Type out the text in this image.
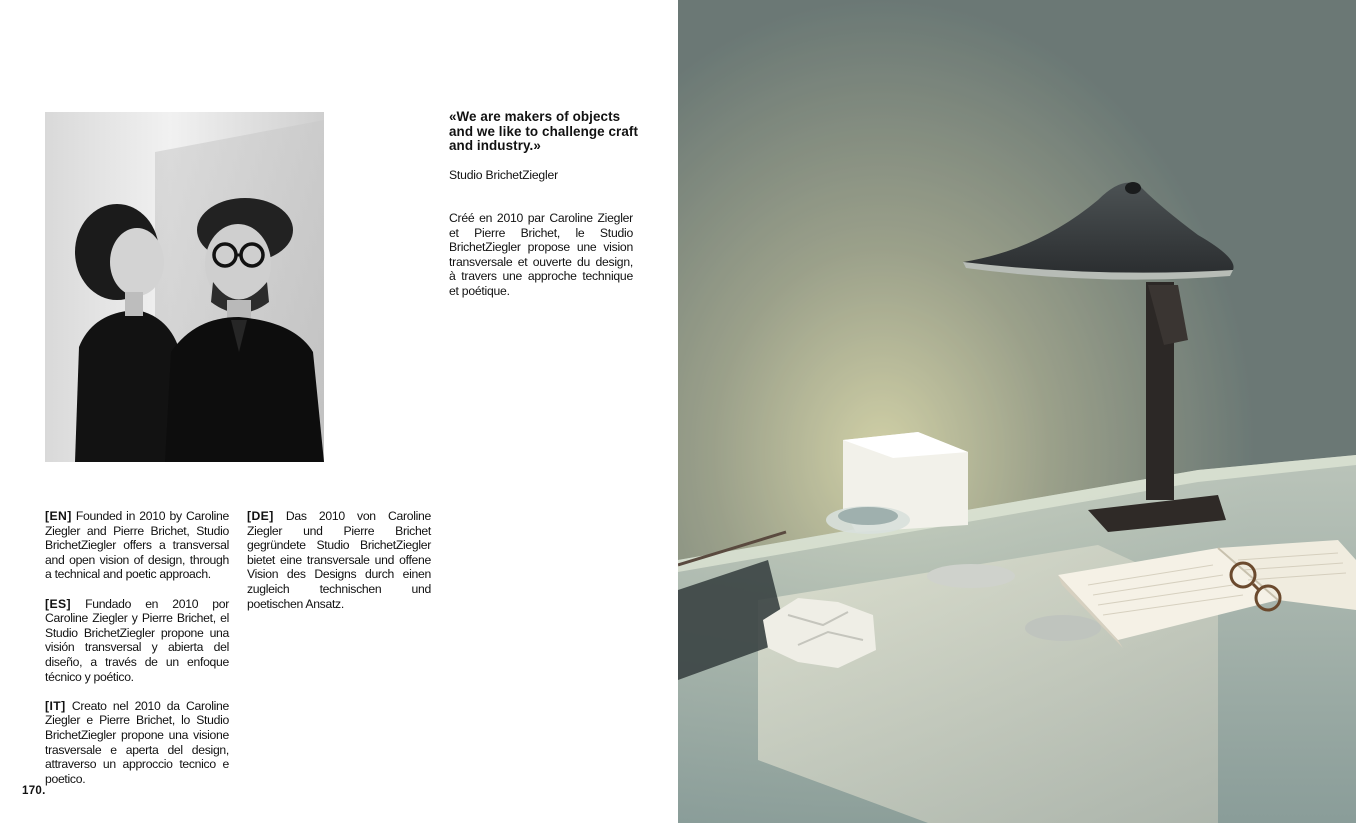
«We are makers of objects and we like to challenge craft and industry.»
Studio BrichetZiegler
Créé en 2010 par Caroline Ziegler et Pierre Brichet, le Studio BrichetZiegler propose une vision transversale et ouverte du design, à travers une approche technique et poétique.

[EN] Founded in 2010 by Caroline Ziegler and Pierre Brichet, Studio BrichetZiegler offers a transversal and open vision of design, through a technical and poetic approach.

[ES] Fundado en 2010 por Caroline Ziegler y Pierre Brichet, el Studio BrichetZiegler propone una visión transversal y abierta del diseño, a través de un enfoque técnico y poético.

[IT] Creato nel 2010 da Caroline Ziegler e Pierre Brichet, lo Studio BrichetZiegler propone una visione trasversale e aperta del design, attraverso un approccio tecnico e poetico.

[DE] Das 2010 von Caroline Ziegler und Pierre Brichet gegründete Studio BrichetZiegler bietet eine transversale und offene Vision des Designs durch einen zugleich technischen und poetischen Ansatz.

170.
